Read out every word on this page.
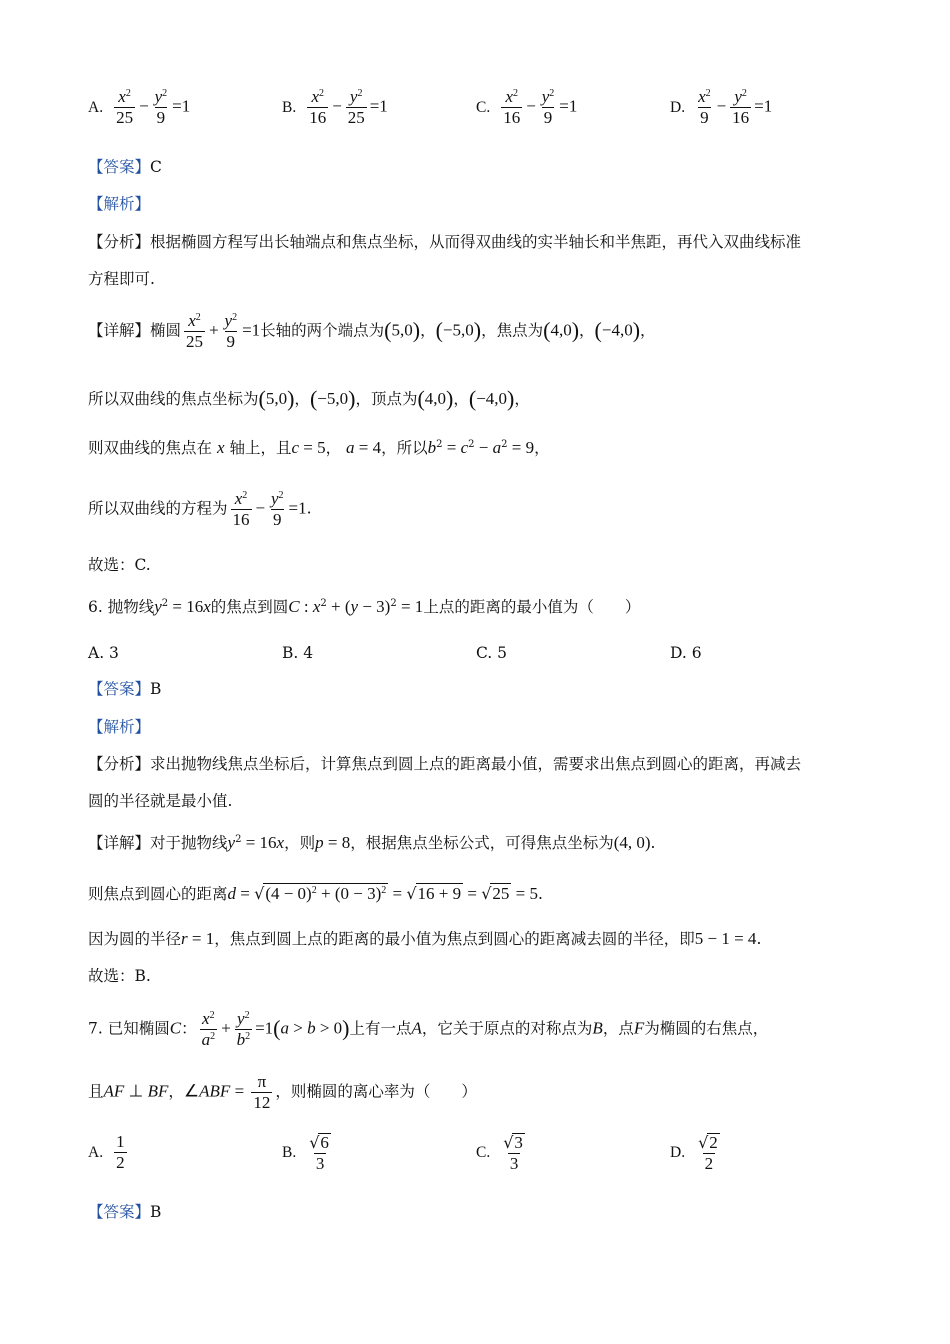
A. $\frac{x^2}{25} - \frac{y^2}{9} =1$	B. $\frac{x^2}{16} - \frac{y^2}{25} =1$	C. $\frac{x^2}{16} - \frac{y^2}{9} =1$	D. $\frac{x^2}{9} - \frac{y^2}{16} =1$
【答案】C
【解析】
【分析】根据椭圆方程写出长轴端点和焦点坐标，从而得双曲线的实半轴长和半焦距，再代入双曲线标准
方程即可.
【详解】椭圆 $\frac{x^2}{25} + \frac{y^2}{9} =1$长轴的两个端点为(5,0)，(−5,0)，焦点为(4,0)，(−4,0)，
所以双曲线的焦点坐标为(5,0)，(−5,0)，顶点为(4,0)，(−4,0)，
则双曲线的焦点在 x 轴上，且c = 5， a = 4，所以$b^2 = c^2 - a^2 = 9$，
所以双曲线的方程为 $\frac{x^2}{16} - \frac{y^2}{9} =1$.
故选：C.
6. 抛物线$y^2 = 16x$的焦点到圆C : $x^2 + (y - 3)^2 = 1$上点的距离的最小值为（　　）
A. 3	B. 4	C. 5	D. 6
【答案】B
【解析】
【分析】求出抛物线焦点坐标后，计算焦点到圆上点的距离最小值，需要求出焦点到圆心的距离，再减去
圆的半径就是最小值.
【详解】对于抛物线$y^2 = 16x$，则p = 8，根据焦点坐标公式，可得焦点坐标为(4, 0).
则焦点到圆心的距离$d = √(4 - 0)^2 + (0 - 3)^2 = √16 + 9 = √25 = 5$.
因为圆的半径r = 1，焦点到圆上点的距离的最小值为焦点到圆心的距离减去圆的半径，即5 − 1 = 4.
故选：B.
7. 已知椭圆C： $\frac{x^2}{a^2} + \frac{y^2}{b^2} =1(a > b > 0)$上有一点A，它关于原点的对称点为B，点F为椭圆的右焦点，
且AF ⊥ BF，∠ABF = $\frac{\pi}{12}$ ，则椭圆的离心率为（　　）
A. $\frac{1}{2}$	B. $\frac{√6}{3}$	C. $\frac{√3}{3}$	D. $\frac{√2}{2}$
【答案】B
